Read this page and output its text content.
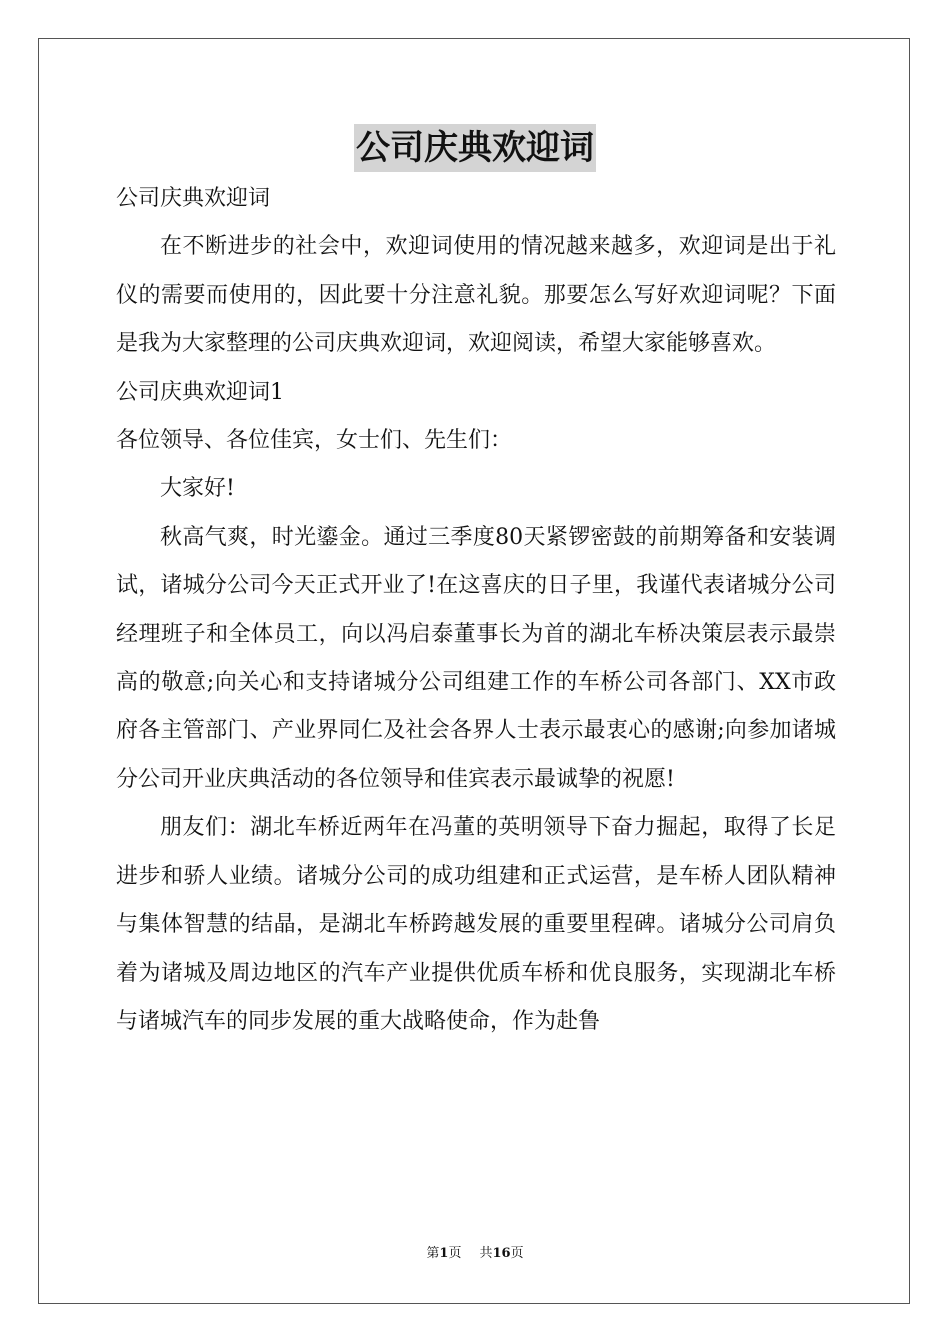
公司庆典欢迎词

公司庆典欢迎词

在不断进步的社会中，欢迎词使用的情况越来越多，欢迎词是出于礼仪的需要而使用的，因此要十分注意礼貌。那要怎么写好欢迎词呢？下面是我为大家整理的公司庆典欢迎词，欢迎阅读，希望大家能够喜欢。

公司庆典欢迎词1

各位领导、各位佳宾，女士们、先生们：

大家好!

秋高气爽，时光鎏金。通过三季度80天紧锣密鼓的前期筹备和安装调试，诸城分公司今天正式开业了!在这喜庆的日子里，我谨代表诸城分公司经理班子和全体员工，向以冯启泰董事长为首的湖北车桥决策层表示最崇高的敬意;向关心和支持诸城分公司组建工作的车桥公司各部门、XX市政府各主管部门、产业界同仁及社会各界人士表示最衷心的感谢;向参加诸城分公司开业庆典活动的各位领导和佳宾表示最诚挚的祝愿!

朋友们：湖北车桥近两年在冯董的英明领导下奋力掘起，取得了长足进步和骄人业绩。诸城分公司的成功组建和正式运营，是车桥人团队精神与集体智慧的结晶，是湖北车桥跨越发展的重要里程碑。诸城分公司肩负着为诸城及周边地区的汽车产业提供优质车桥和优良服务，实现湖北车桥与诸城汽车的同步发展的重大战略使命，作为赴鲁

第1页 共16页
